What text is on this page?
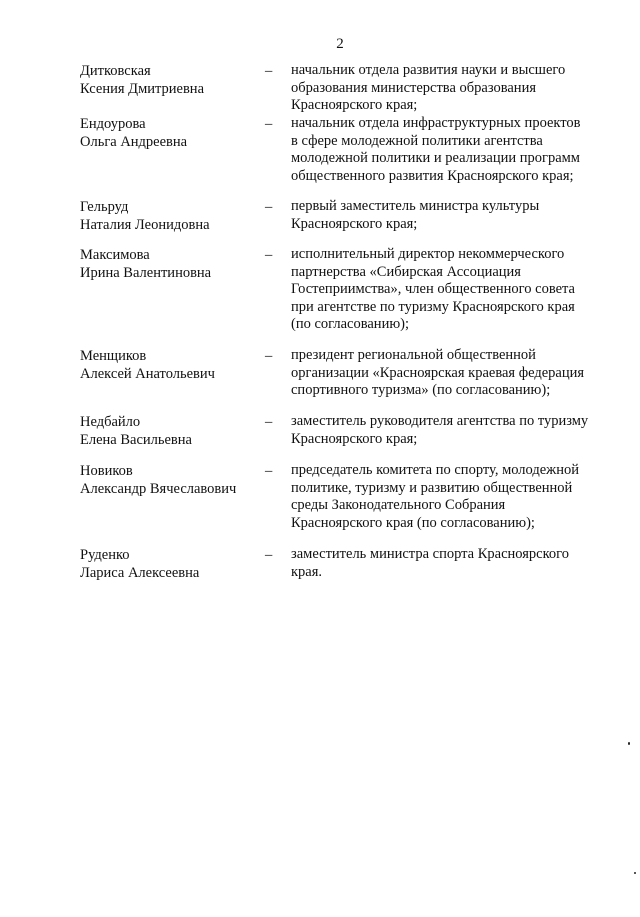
2
Дитковская
Ксения Дмитриевна
– начальник отдела развития науки и высшего
образования министерства образования
Красноярского края;
Ендоурова
Ольга Андреевна
– начальник отдела инфраструктурных проектов
в сфере молодежной политики агентства
молодежной политики и реализации программ
общественного развития Красноярского края;
Гельруд
Наталия Леонидовна
– первый заместитель министра культуры
Красноярского края;
Максимова
Ирина Валентиновна
– исполнительный директор некоммерческого
партнерства «Сибирская Ассоциация
Гостеприимства», член общественного совета
при агентстве по туризму Красноярского края
(по согласованию);
Менщиков
Алексей Анатольевич
– президент региональной общественной
организации «Красноярская краевая федерация
спортивного туризма» (по согласованию);
Недбайло
Елена Васильевна
– заместитель руководителя агентства по туризму
Красноярского края;
Новиков
Александр Вячеславович
– председатель комитета по спорту, молодежной
политике, туризму и развитию общественной
среды Законодательного Собрания
Красноярского края (по согласованию);
Руденко
Лариса Алексеевна
– заместитель министра спорта Красноярского
края.
